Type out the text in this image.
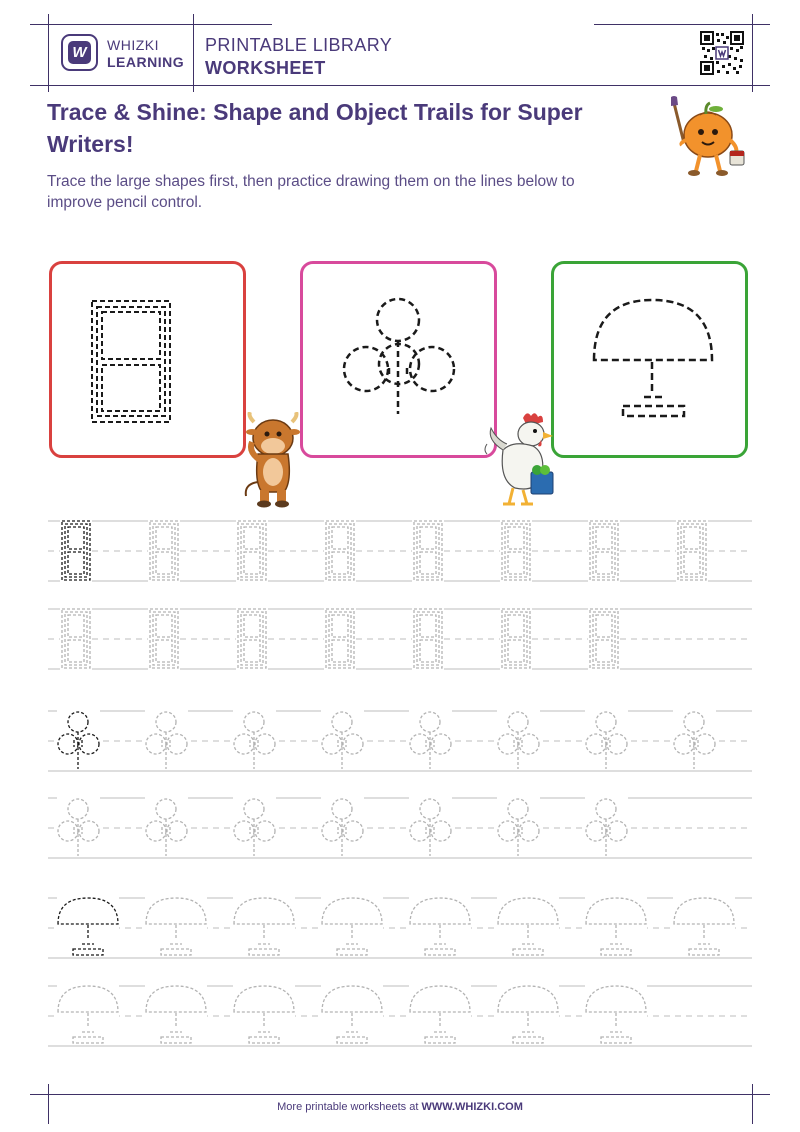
W	WHIZKI
LEARNING
PRINTABLE LIBRARY
WORKSHEET
Trace & Shine: Shape and Object Trails for Super Writers!
Trace the large shapes first, then practice drawing them on the lines below to improve pencil control.
More printable worksheets at WWW.WHIZKI.COM
